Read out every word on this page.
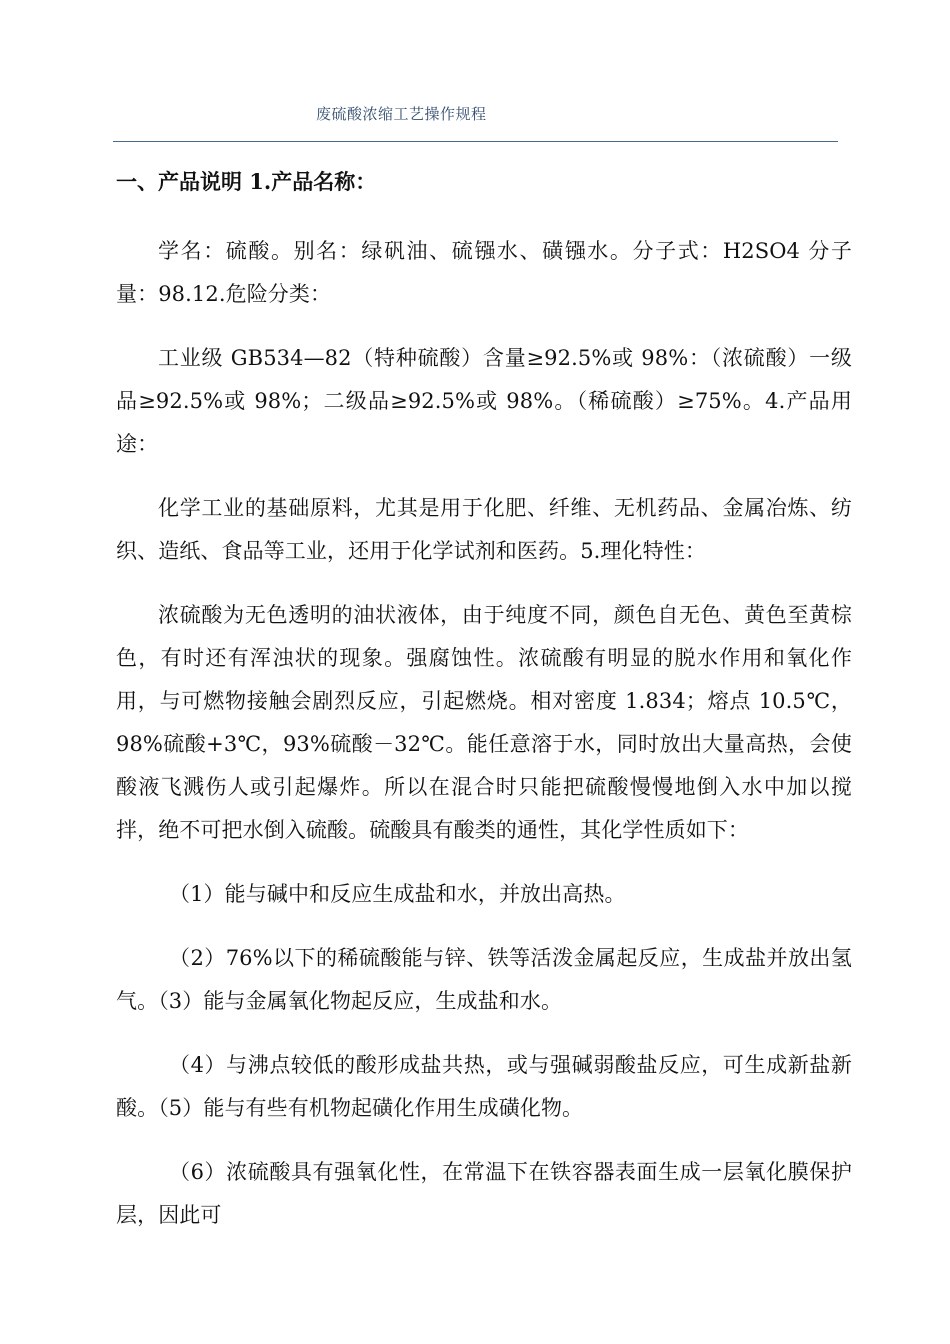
废硫酸浓缩工艺操作规程
一、产品说明 1.产品名称：

学名：硫酸。别名：绿矾油、硫镪水、磺镪水。分子式：H2SO4 分子量：98.12.危险分类：

工业级 GB534—82（特种硫酸）含量≥92.5%或 98%：（浓硫酸）一级品≥92.5%或 98%；二级品≥92.5%或 98%。（稀硫酸）≥75%。4.产品用途：

化学工业的基础原料，尤其是用于化肥、纤维、无机药品、金属冶炼、纺织、造纸、食品等工业，还用于化学试剂和医药。5.理化特性：

浓硫酸为无色透明的油状液体，由于纯度不同，颜色自无色、黄色至黄棕色，有时还有浑浊状的现象。强腐蚀性。浓硫酸有明显的脱水作用和氧化作用，与可燃物接触会剧烈反应，引起燃烧。相对密度 1.834；熔点 10.5℃，98%硫酸+3℃，93%硫酸－32℃。能任意溶于水，同时放出大量高热，会使酸液飞溅伤人或引起爆炸。所以在混合时只能把硫酸慢慢地倒入水中加以搅拌，绝不可把水倒入硫酸。硫酸具有酸类的通性，其化学性质如下：

（1）能与碱中和反应生成盐和水，并放出高热。

（2）76%以下的稀硫酸能与锌、铁等活泼金属起反应，生成盐并放出氢气。（3）能与金属氧化物起反应，生成盐和水。

（4）与沸点较低的酸形成盐共热，或与强碱弱酸盐反应，可生成新盐新酸。（5）能与有些有机物起磺化作用生成磺化物。

（6）浓硫酸具有强氧化性，在常温下在铁容器表面生成一层氧化膜保护层，因此可
